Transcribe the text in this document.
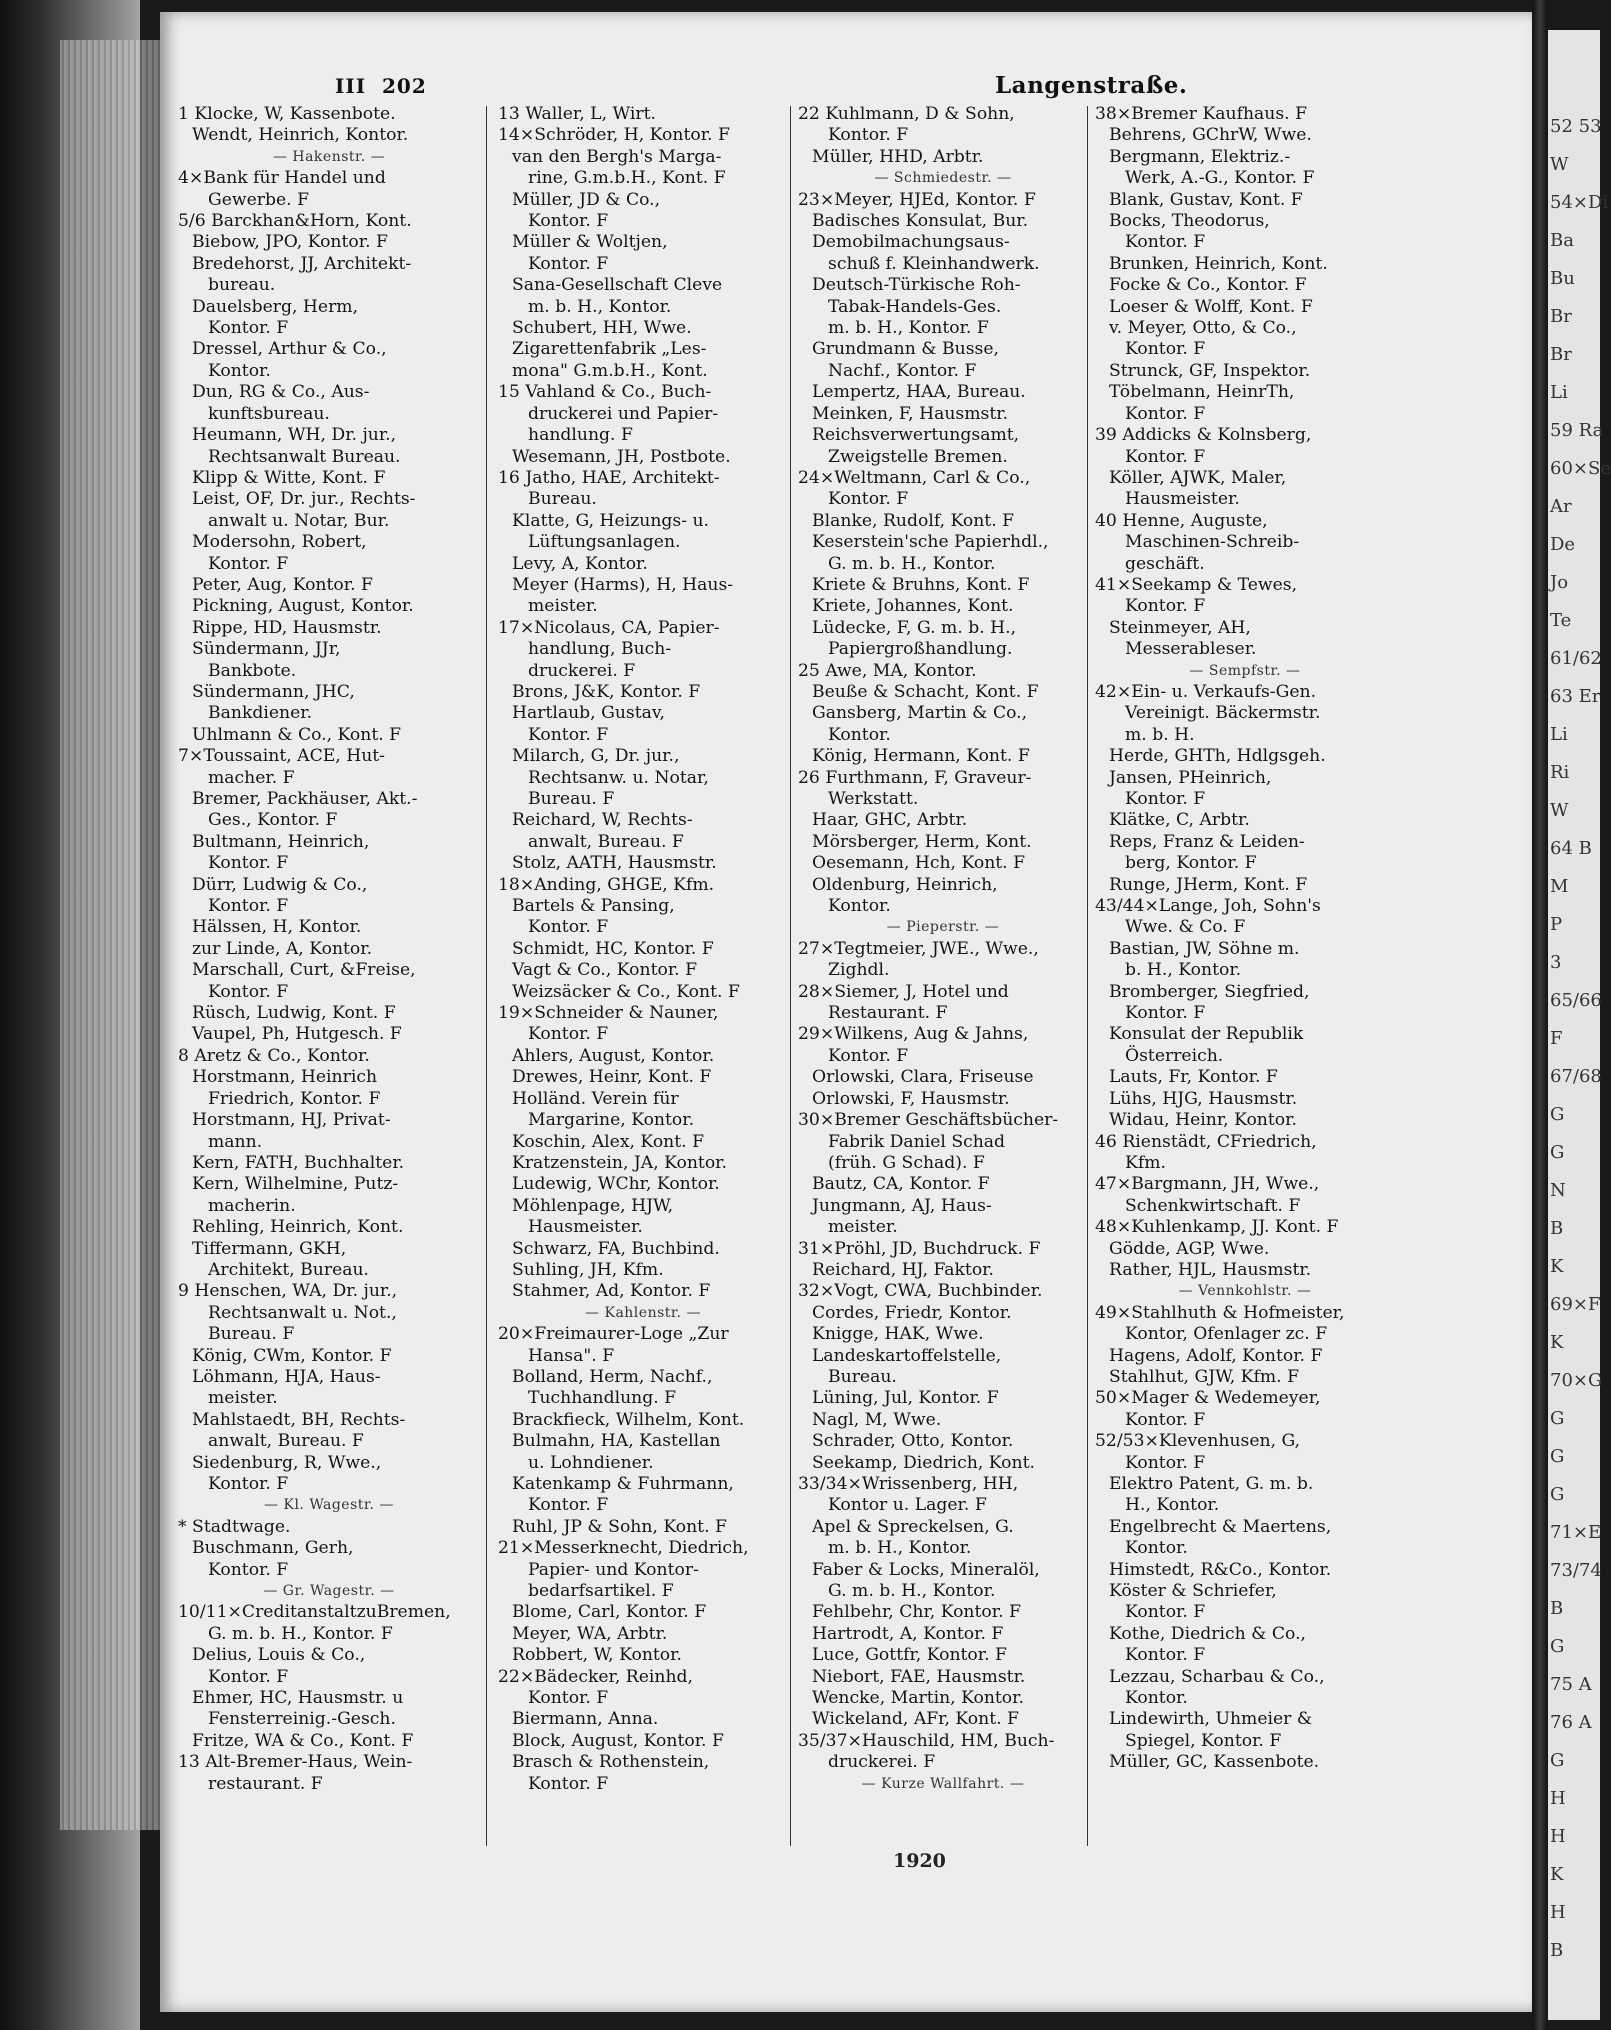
III 202	Langenstraße.
1 Klocke, W, Kassenbote.
Wendt, Heinrich, Kontor.
— Hakenstr. —
4×Bank für Handel und
Gewerbe. F
5/6 Barckhan&Horn, Kont.
Biebow, JPO, Kontor. F
Bredehorst, JJ, Architekt-
bureau.
Dauelsberg, Herm,
Kontor. F
Dressel, Arthur & Co.,
Kontor.
Dun, RG & Co., Aus-
kunftsbureau.
Heumann, WH, Dr. jur.,
Rechtsanwalt Bureau.
Klipp & Witte, Kont. F
Leist, OF, Dr. jur., Rechts-
anwalt u. Notar, Bur.
Modersohn, Robert,
Kontor. F
Peter, Aug, Kontor. F
Pickning, August, Kontor.
Rippe, HD, Hausmstr.
Sündermann, JJr,
Bankbote.
Sündermann, JHC,
Bankdiener.
Uhlmann & Co., Kont. F
7×Toussaint, ACE, Hut-
macher. F
Bremer, Packhäuser, Akt.-
Ges., Kontor. F
Bultmann, Heinrich,
Kontor. F
Dürr, Ludwig & Co.,
Kontor. F
Hälssen, H, Kontor.
zur Linde, A, Kontor.
Marschall, Curt, &Freise,
Kontor. F
Rüsch, Ludwig, Kont. F
Vaupel, Ph, Hutgesch. F
8 Aretz & Co., Kontor.
Horstmann, Heinrich
Friedrich, Kontor. F
Horstmann, HJ, Privat-
mann.
Kern, FATH, Buchhalter.
Kern, Wilhelmine, Putz-
macherin.
Rehling, Heinrich, Kont.
Tiffermann, GKH,
Architekt, Bureau.
9 Henschen, WA, Dr. jur.,
Rechtsanwalt u. Not.,
Bureau. F
König, CWm, Kontor. F
Löhmann, HJA, Haus-
meister.
Mahlstaedt, BH, Rechts-
anwalt, Bureau. F
Siedenburg, R, Wwe.,
Kontor. F
— Kl. Wagestr. —
* Stadtwage.
Buschmann, Gerh,
Kontor. F
— Gr. Wagestr. —
10/11×CreditanstaltzuBremen,
G. m. b. H., Kontor. F
Delius, Louis & Co.,
Kontor. F
Ehmer, HC, Hausmstr. u
Fensterreinig.-Gesch.
Fritze, WA & Co., Kont. F
13 Alt-Bremer-Haus, Wein-
restaurant. F
13 Waller, L, Wirt.
14×Schröder, H, Kontor. F
van den Bergh's Marga-
rine, G.m.b.H., Kont. F
Müller, JD & Co.,
Kontor. F
Müller & Woltjen,
Kontor. F
Sana-Gesellschaft Cleve
m. b. H., Kontor.
Schubert, HH, Wwe.
Zigarettenfabrik „Les-
mona" G.m.b.H., Kont.
15 Vahland & Co., Buch-
druckerei und Papier-
handlung. F
Wesemann, JH, Postbote.
16 Jatho, HAE, Architekt-
Bureau.
Klatte, G, Heizungs- u.
Lüftungsanlagen.
Levy, A, Kontor.
Meyer (Harms), H, Haus-
meister.
17×Nicolaus, CA, Papier-
handlung, Buch-
druckerei. F
Brons, J&K, Kontor. F
Hartlaub, Gustav,
Kontor. F
Milarch, G, Dr. jur.,
Rechtsanw. u. Notar,
Bureau. F
Reichard, W, Rechts-
anwalt, Bureau. F
Stolz, AATH, Hausmstr.
18×Anding, GHGE, Kfm.
Bartels & Pansing,
Kontor. F
Schmidt, HC, Kontor. F
Vagt & Co., Kontor. F
Weizsäcker & Co., Kont. F
19×Schneider & Nauner,
Kontor. F
Ahlers, August, Kontor.
Drewes, Heinr, Kont. F
Holländ. Verein für
Margarine, Kontor.
Koschin, Alex, Kont. F
Kratzenstein, JA, Kontor.
Ludewig, WChr, Kontor.
Möhlenpage, HJW,
Hausmeister.
Schwarz, FA, Buchbind.
Suhling, JH, Kfm.
Stahmer, Ad, Kontor. F
— Kahlenstr. —
20×Freimaurer-Loge „Zur
Hansa". F
Bolland, Herm, Nachf.,
Tuchhandlung. F
Brackfieck, Wilhelm, Kont.
Bulmahn, HA, Kastellan
u. Lohndiener.
Katenkamp & Fuhrmann,
Kontor. F
Ruhl, JP & Sohn, Kont. F
21×Messerknecht, Diedrich,
Papier- und Kontor-
bedarfsartikel. F
Blome, Carl, Kontor. F
Meyer, WA, Arbtr.
Robbert, W, Kontor.
22×Bädecker, Reinhd,
Kontor. F
Biermann, Anna.
Block, August, Kontor. F
Brasch & Rothenstein,
Kontor. F
22 Kuhlmann, D & Sohn,
Kontor. F
Müller, HHD, Arbtr.
— Schmiedestr. —
23×Meyer, HJEd, Kontor. F
Badisches Konsulat, Bur.
Demobilmachungsaus-
schuß f. Kleinhandwerk.
Deutsch-Türkische Roh-
Tabak-Handels-Ges.
m. b. H., Kontor. F
Grundmann & Busse,
Nachf., Kontor. F
Lempertz, HAA, Bureau.
Meinken, F, Hausmstr.
Reichsverwertungsamt,
Zweigstelle Bremen.
24×Weltmann, Carl & Co.,
Kontor. F
Blanke, Rudolf, Kont. F
Keserstein'sche Papierhdl.,
G. m. b. H., Kontor.
Kriete & Bruhns, Kont. F
Kriete, Johannes, Kont.
Lüdecke, F, G. m. b. H.,
Papiergroßhandlung.
25 Awe, MA, Kontor.
Beuße & Schacht, Kont. F
Gansberg, Martin & Co.,
Kontor.
König, Hermann, Kont. F
26 Furthmann, F, Graveur-
Werkstatt.
Haar, GHC, Arbtr.
Mörsberger, Herm, Kont.
Oesemann, Hch, Kont. F
Oldenburg, Heinrich,
Kontor.
— Pieperstr. —
27×Tegtmeier, JWE., Wwe.,
Zighdl.
28×Siemer, J, Hotel und
Restaurant. F
29×Wilkens, Aug & Jahns,
Kontor. F
Orlowski, Clara, Friseuse
Orlowski, F, Hausmstr.
30×Bremer Geschäftsbücher-
Fabrik Daniel Schad
(früh. G Schad). F
Bautz, CA, Kontor. F
Jungmann, AJ, Haus-
meister.
31×Pröhl, JD, Buchdruck. F
Reichard, HJ, Faktor.
32×Vogt, CWA, Buchbinder.
Cordes, Friedr, Kontor.
Knigge, HAK, Wwe.
Landeskartoffelstelle,
Bureau.
Lüning, Jul, Kontor. F
Nagl, M, Wwe.
Schrader, Otto, Kontor.
Seekamp, Diedrich, Kont.
33/34×Wrissenberg, HH,
Kontor u. Lager. F
Apel & Spreckelsen, G.
m. b. H., Kontor.
Faber & Locks, Mineralöl,
G. m. b. H., Kontor.
Fehlbehr, Chr, Kontor. F
Hartrodt, A, Kontor. F
Luce, Gottfr, Kontor. F
Niebort, FAE, Hausmstr.
Wencke, Martin, Kontor.
Wickeland, AFr, Kont. F
35/37×Hauschild, HM, Buch-
druckerei. F
— Kurze Wallfahrt. —
38×Bremer Kaufhaus. F
Behrens, GChrW, Wwe.
Bergmann, Elektriz.-
Werk, A.-G., Kontor. F
Blank, Gustav, Kont. F
Bocks, Theodorus,
Kontor. F
Brunken, Heinrich, Kont.
Focke & Co., Kontor. F
Loeser & Wolff, Kont. F
v. Meyer, Otto, & Co.,
Kontor. F
Strunck, GF, Inspektor.
Töbelmann, HeinrTh,
Kontor. F
39 Addicks & Kolnsberg,
Kontor. F
Köller, AJWK, Maler,
Hausmeister.
40 Henne, Auguste,
Maschinen-Schreib-
geschäft.
41×Seekamp & Tewes,
Kontor. F
Steinmeyer, AH,
Messerableser.
— Sempfstr. —
42×Ein- u. Verkaufs-Gen.
Vereinigt. Bäckermstr.
m. b. H.
Herde, GHTh, Hdlgsgeh.
Jansen, PHeinrich,
Kontor. F
Klätke, C, Arbtr.
Reps, Franz & Leiden-
berg, Kontor. F
Runge, JHerm, Kont. F
43/44×Lange, Joh, Sohn's
Wwe. & Co. F
Bastian, JW, Söhne m.
b. H., Kontor.
Bromberger, Siegfried,
Kontor. F
Konsulat der Republik
Österreich.
Lauts, Fr, Kontor. F
Lühs, HJG, Hausmstr.
Widau, Heinr, Kontor.
46 Rienstädt, CFriedrich,
Kfm.
47×Bargmann, JH, Wwe.,
Schenkwirtschaft. F
48×Kuhlenkamp, JJ. Kont. F
Gödde, AGP, Wwe.
Rather, HJL, Hausmstr.
— Vennkohlstr. —
49×Stahlhuth & Hofmeister,
Kontor, Ofenlager zc. F
Hagens, Adolf, Kontor. F
Stahlhut, GJW, Kfm. F
50×Mager & Wedemeyer,
Kontor. F
52/53×Klevenhusen, G,
Kontor. F
Elektro Patent, G. m. b.
H., Kontor.
Engelbrecht & Maertens,
Kontor.
Himstedt, R&Co., Kontor.
Köster & Schriefer,
Kontor. F
Kothe, Diedrich & Co.,
Kontor. F
Lezzau, Scharbau & Co.,
Kontor.
Lindewirth, Uhmeier &
Spiegel, Kontor. F
Müller, GC, Kassenbote.
1920
52 53
W
54×Di
Ba
Bu
Br
Br
Li
59 Ra
60×Se
Ar
De
Jo
Te
61/62
63 Er
Li
Ri
W
64 B
M
P
3
65/66
F
67/68
G
G
N
B
K
69×F
K
70×G
G
G
G
71×E
73/74
B
G
75 A
76 A
G
H
H
K
H
B
